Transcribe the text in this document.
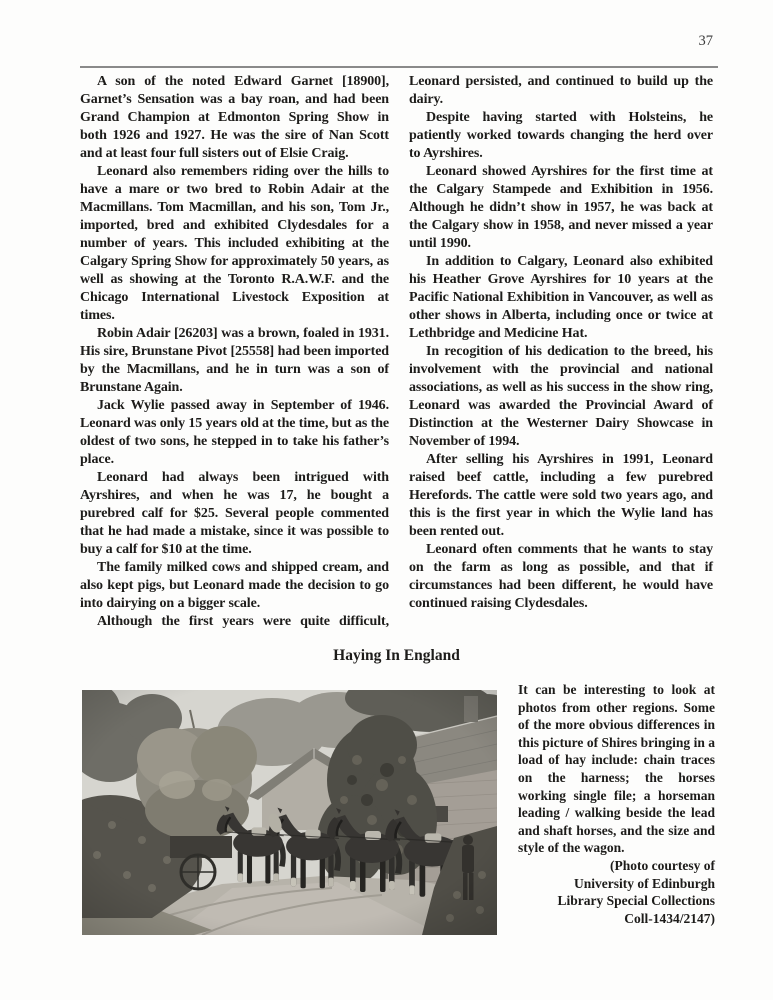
37

A son of the noted Edward Garnet [18900], Garnet’s Sensation was a bay roan, and had been Grand Champion at Edmonton Spring Show in both 1926 and 1927. He was the sire of Nan Scott and at least four full sisters out of Elsie Craig.

Leonard also remembers riding over the hills to have a mare or two bred to Robin Adair at the Macmillans. Tom Macmillan, and his son, Tom Jr., imported, bred and exhibited Clydesdales for a number of years. This included exhibiting at the Calgary Spring Show for approximately 50 years, as well as showing at the Toronto R.A.W.F. and the Chicago International Livestock Exposition at times.

Robin Adair [26203] was a brown, foaled in 1931. His sire, Brunstane Pivot [25558] had been imported by the Macmillans, and he in turn was a son of Brunstane Again.

Jack Wylie passed away in September of 1946. Leonard was only 15 years old at the time, but as the oldest of two sons, he stepped in to take his father’s place.

Leonard had always been intrigued with Ayrshires, and when he was 17, he bought a purebred calf for $25. Several people commented that he had made a mistake, since it was possible to buy a calf for $10 at the time.

The family milked cows and shipped cream, and also kept pigs, but Leonard made the decision to go into dairying on a bigger scale.

Although the first years were quite difficult,

Leonard persisted, and continued to build up the dairy.

Despite having started with Holsteins, he patiently worked towards changing the herd over to Ayrshires.

Leonard showed Ayrshires for the first time at the Calgary Stampede and Exhibition in 1956. Although he didn’t show in 1957, he was back at the Calgary show in 1958, and never missed a year until 1990.

In addition to Calgary, Leonard also exhibited his Heather Grove Ayrshires for 10 years at the Pacific National Exhibition in Vancouver, as well as other shows in Alberta, including once or twice at Lethbridge and Medicine Hat.

In recogition of his dedication to the breed, his involvement with the provincial and national associations, as well as his success in the show ring, Leonard was awarded the Provincial Award of Distinction at the Westerner Dairy Showcase in November of 1994.

After selling his Ayrshires in 1991, Leonard raised beef cattle, including a few purebred Herefords. The cattle were sold two years ago, and this is the first year in which the Wylie land has been rented out.

Leonard often comments that he wants to stay on the farm as long as possible, and that if circumstances had been different, he would have continued raising Clydesdales.

Haying In England

It can be interesting to look at photos from other regions. Some of the more obvious differences in this picture of Shires bringing in a load of hay include: chain traces on the harness; the horses working single file; a horseman leading / walking beside the lead and shaft horses, and the size and style of the wagon.

(Photo courtesy of
University of Edinburgh
Library Special Collections
Coll-1434/2147)
